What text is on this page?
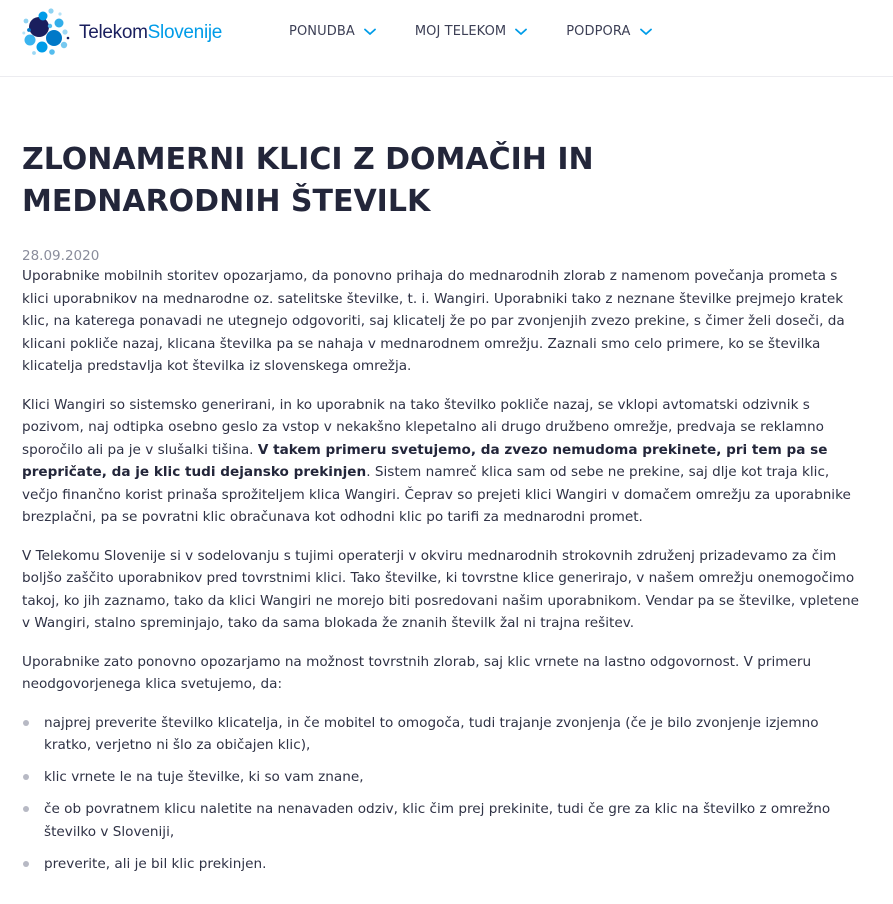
TelekomSlovenije	PONUDBA	MOJ TELEKOM	PODPORA
ZLONAMERNI KLICI Z DOMAČIH IN MEDNARODNIH ŠTEVILK
28.09.2020

Uporabnike mobilnih storitev opozarjamo, da ponovno prihaja do mednarodnih zlorab z namenom povečanja prometa s klici uporabnikov na mednarodne oz. satelitske številke, t. i. Wangiri. Uporabniki tako z neznane številke prejmejo kratek klic, na katerega ponavadi ne utegnejo odgovoriti, saj klicatelj že po par zvonjenjih zvezo prekine, s čimer želi doseči, da klicani pokliče nazaj, klicana številka pa se nahaja v mednarodnem omrežju. Zaznali smo celo primere, ko se številka klicatelja predstavlja kot številka iz slovenskega omrežja.

Klici Wangiri so sistemsko generirani, in ko uporabnik na tako številko pokliče nazaj, se vklopi avtomatski odzivnik s pozivom, naj odtipka osebno geslo za vstop v nekakšno klepetalno ali drugo družbeno omrežje, predvaja se reklamno sporočilo ali pa je v slušalki tišina. V takem primeru svetujemo, da zvezo nemudoma prekinete, pri tem pa se prepričate, da je klic tudi dejansko prekinjen. Sistem namreč klica sam od sebe ne prekine, saj dlje kot traja klic, večjo finančno korist prinaša sprožiteljem klica Wangiri. Čeprav so prejeti klici Wangiri v domačem omrežju za uporabnike brezplačni, pa se povratni klic obračunava kot odhodni klic po tarifi za mednarodni promet.

V Telekomu Slovenije si v sodelovanju s tujimi operaterji v okviru mednarodnih strokovnih združenj prizadevamo za čim boljšo zaščito uporabnikov pred tovrstnimi klici. Tako številke, ki tovrstne klice generirajo, v našem omrežju onemogočimo takoj, ko jih zaznamo, tako da klici Wangiri ne morejo biti posredovani našim uporabnikom. Vendar pa se številke, vpletene v Wangiri, stalno spreminjajo, tako da sama blokada že znanih številk žal ni trajna rešitev.

Uporabnike zato ponovno opozarjamo na možnost tovrstnih zlorab, saj klic vrnete na lastno odgovornost. V primeru neodgovorjenega klica svetujemo, da:

najprej preverite številko klicatelja, in če mobitel to omogoča, tudi trajanje zvonjenja (če je bilo zvonjenje izjemno kratko, verjetno ni šlo za običajen klic),
klic vrnete le na tuje številke, ki so vam znane,
če ob povratnem klicu naletite na nenavaden odziv, klic čim prej prekinite, tudi če gre za klic na številko z omrežno številko v Sloveniji,
preverite, ali je bil klic prekinjen.
